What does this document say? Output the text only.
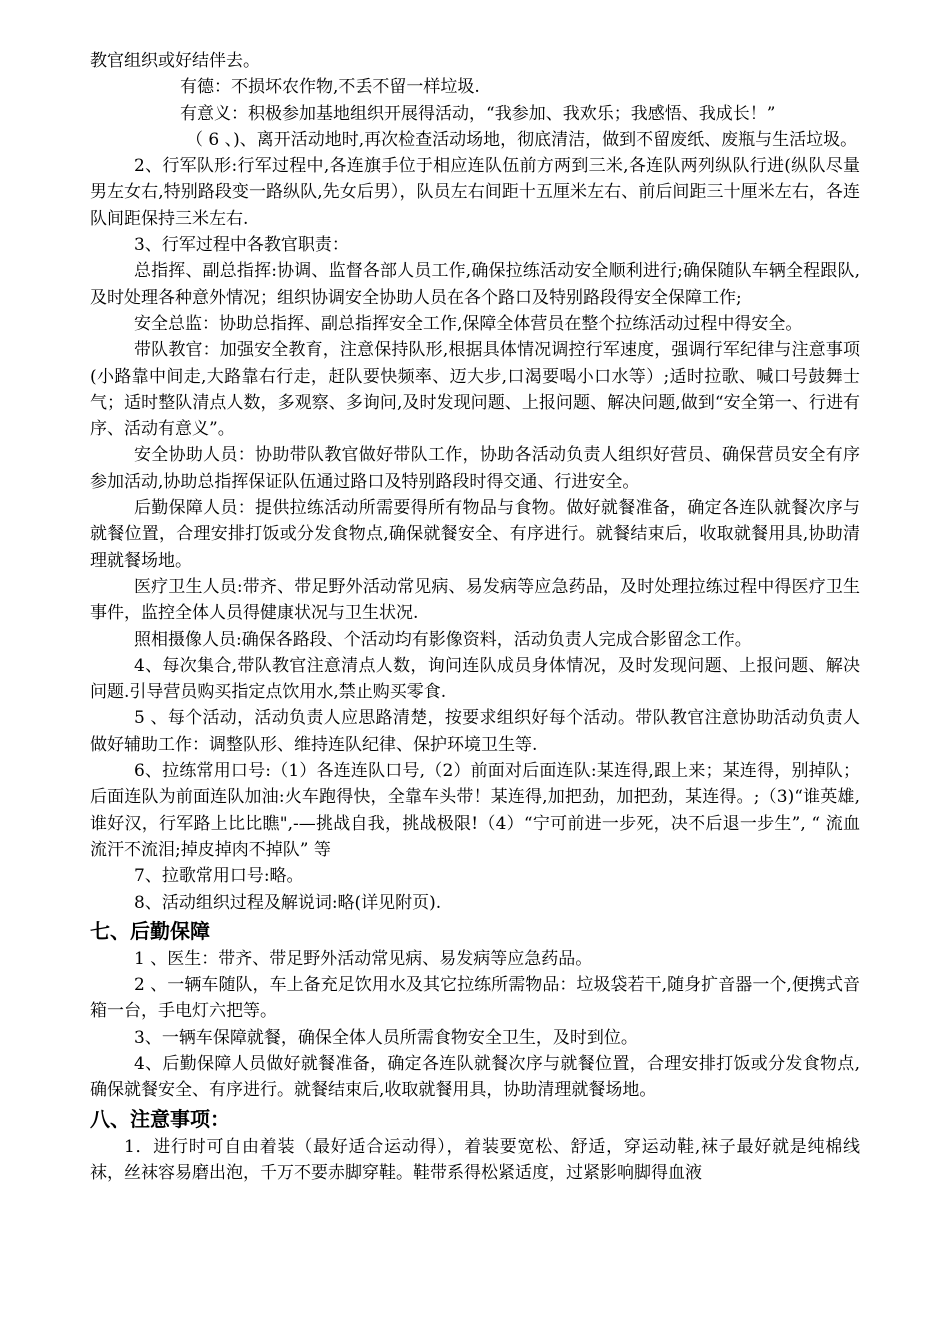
教官组织或好结伴去。

有德：不损坏农作物,不丢不留一样垃圾.

有意义：积极参加基地组织开展得活动，“我参加、我欢乐；我感悟、我成长！”

（ 6 、)、离开活动地时,再次检查活动场地，彻底清洁，做到不留废纸、废瓶与生活垃圾。

2、行军队形:行军过程中,各连旗手位于相应连队伍前方两到三米,各连队两列纵队行进(纵队尽量男左女右,特别路段变一路纵队,先女后男），队员左右间距十五厘米左右、前后间距三十厘米左右，各连队间距保持三米左右.

3、行军过程中各教官职责：

总指挥、副总指挥:协调、监督各部人员工作,确保拉练活动安全顺利进行;确保随队车辆全程跟队,及时处理各种意外情况；组织协调安全协助人员在各个路口及特别路段得安全保障工作;

安全总监：协助总指挥、副总指挥安全工作,保障全体营员在整个拉练活动过程中得安全。

带队教官：加强安全教育，注意保持队形,根据具体情况调控行军速度，强调行军纪律与注意事项(小路靠中间走,大路靠右行走，赶队要快频率、迈大步,口渴要喝小口水等）;适时拉歌、喊口号鼓舞士气；适时整队清点人数，多观察、多询问,及时发现问题、上报问题、解决问题,做到“安全第一、行进有序、活动有意义”。

安全协助人员：协助带队教官做好带队工作，协助各活动负责人组织好营员、确保营员安全有序参加活动,协助总指挥保证队伍通过路口及特别路段时得交通、行进安全。

后勤保障人员：提供拉练活动所需要得所有物品与食物。做好就餐准备，确定各连队就餐次序与就餐位置，合理安排打饭或分发食物点,确保就餐安全、有序进行。就餐结束后，收取就餐用具,协助清理就餐场地。

医疗卫生人员:带齐、带足野外活动常见病、易发病等应急药品，及时处理拉练过程中得医疗卫生事件，监控全体人员得健康状况与卫生状况.

照相摄像人员:确保各路段、个活动均有影像资料，活动负责人完成合影留念工作。

4、每次集合,带队教官注意清点人数，询问连队成员身体情况，及时发现问题、上报问题、解决问题.引导营员购买指定点饮用水,禁止购买零食.

5 、每个活动，活动负责人应思路清楚，按要求组织好每个活动。带队教官注意协助活动负责人做好辅助工作：调整队形、维持连队纪律、保护环境卫生等.

6、拉练常用口号:（1）各连连队口号,（2）前面对后面连队:某连得,跟上来；某连得，别掉队；后面连队为前面连队加油:火车跑得快，全靠车头带！某连得,加把劲，加把劲，某连得。;（3)“谁英雄,谁好汉，行军路上比比瞧",-—挑战自我，挑战极限!（4）“宁可前进一步死，决不后退一步生”, “ 流血流汗不流泪;掉皮掉肉不掉队” 等

7、拉歌常用口号:略。

8、活动组织过程及解说词:略(详见附页).

七、后勤保障

1 、医生：带齐、带足野外活动常见病、易发病等应急药品。

2 、一辆车随队，车上备充足饮用水及其它拉练所需物品：垃圾袋若干,随身扩音器一个,便携式音箱一台，手电灯六把等。

3、一辆车保障就餐，确保全体人员所需食物安全卫生，及时到位。

4、后勤保障人员做好就餐准备，确定各连队就餐次序与就餐位置，合理安排打饭或分发食物点,确保就餐安全、有序进行。就餐结束后,收取就餐用具，协助清理就餐场地。

八、注意事项：

1．进行时可自由着装（最好适合运动得），着装要宽松、舒适，穿运动鞋,袜子最好就是纯棉线袜，丝袜容易磨出泡，千万不要赤脚穿鞋。鞋带系得松紧适度，过紧影响脚得血液
